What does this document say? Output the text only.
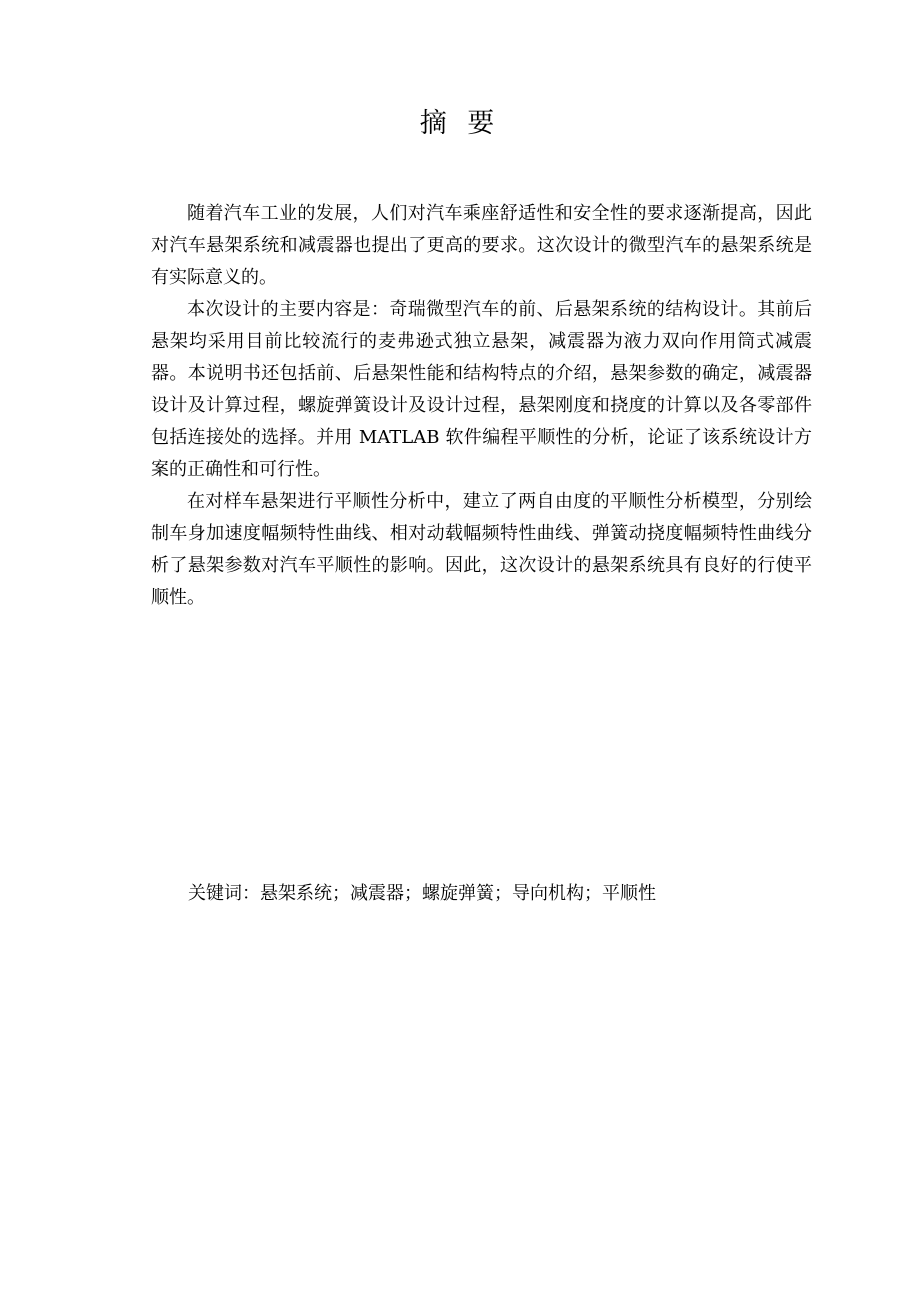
摘 要

随着汽车工业的发展，人们对汽车乘座舒适性和安全性的要求逐渐提高，因此对汽车悬架系统和减震器也提出了更高的要求。这次设计的微型汽车的悬架系统是有实际意义的。

本次设计的主要内容是：奇瑞微型汽车的前、后悬架系统的结构设计。其前后悬架均采用目前比较流行的麦弗逊式独立悬架，减震器为液力双向作用筒式减震器。本说明书还包括前、后悬架性能和结构特点的介绍，悬架参数的确定，减震器设计及计算过程，螺旋弹簧设计及设计过程，悬架刚度和挠度的计算以及各零部件包括连接处的选择。并用 MATLAB 软件编程平顺性的分析，论证了该系统设计方案的正确性和可行性。

在对样车悬架进行平顺性分析中，建立了两自由度的平顺性分析模型，分别绘制车身加速度幅频特性曲线、相对动载幅频特性曲线、弹簧动挠度幅频特性曲线分析了悬架参数对汽车平顺性的影响。因此，这次设计的悬架系统具有良好的行使平顺性。

关键词：悬架系统；减震器；螺旋弹簧；导向机构；平顺性
